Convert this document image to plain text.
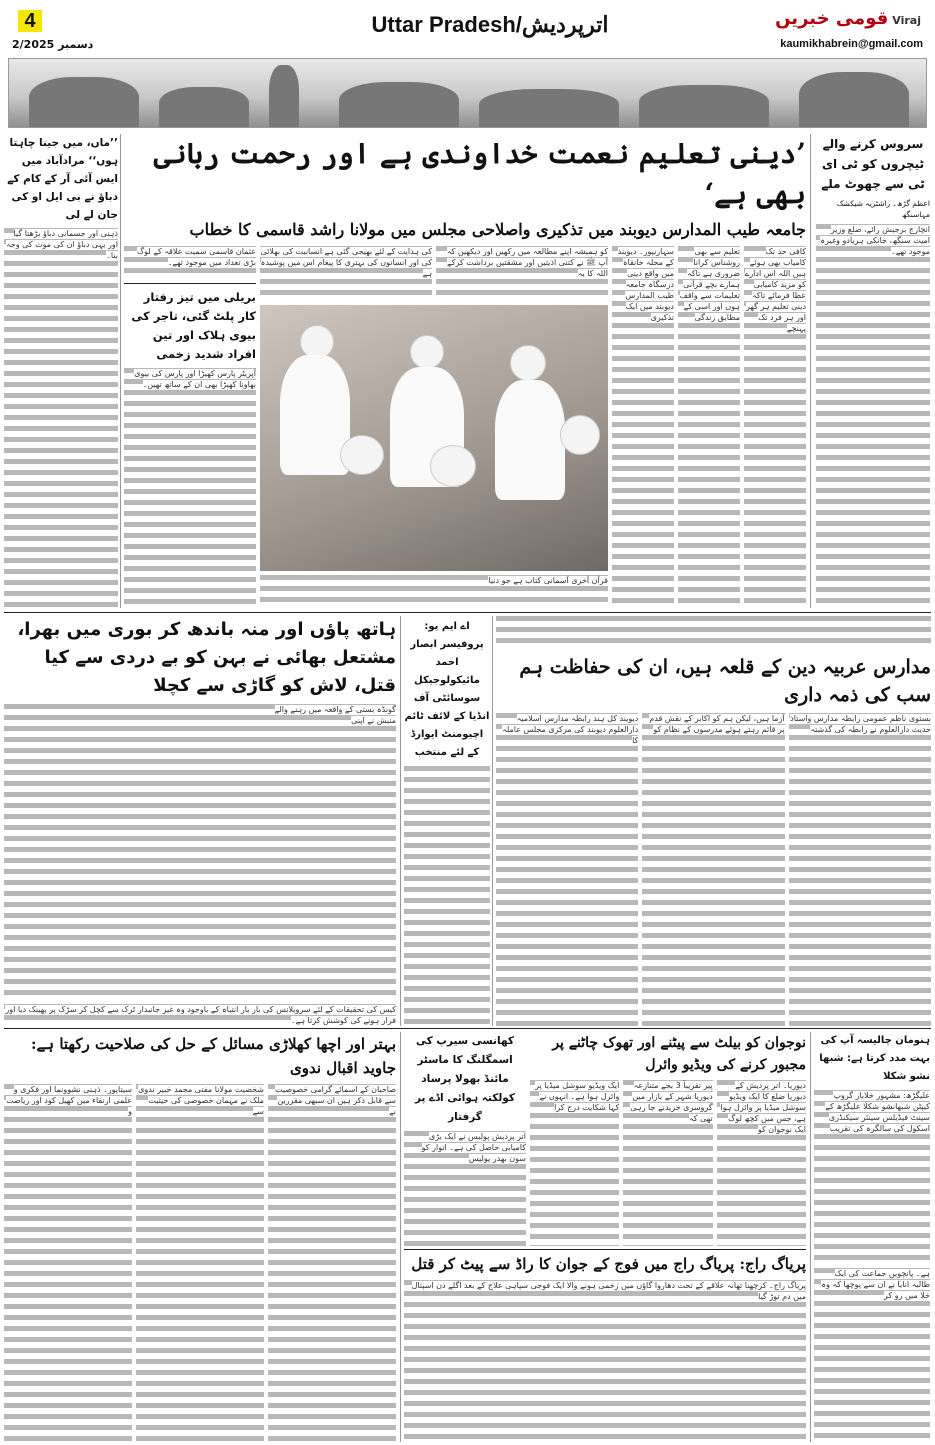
4
2/دسمبر 2025
Uttar Pradesh/اترپردیش	قومی خبریں Viraj
kaumikhabrein@gmail.com
’’ماں، میں جینا چاہتا ہوں‘‘ مرادآباد میں ایس آئی آر کے کام کے دباؤ نے بی ایل او کی جان لے لی

ذہنی اور جسمانی دباؤ بڑھتا گیا اور یہی دباؤ ان کی موت کی وجہ بنا۔

’دینی تعلیم نعمت خداوندی ہے اور رحمت ربانی بھی ہے‘
جامعہ طیب المدارس دیوبند میں تذکیری واصلاحی مجلس میں مولانا راشد قاسمی کا خطاب

عثمان قاسمی سمیت علاقہ کے لوگ بڑی تعداد میں موجود تھے۔

بریلی میں تیز رفتار کار پلٹ گئی، تاجر کی بیوی ہلاک اور تین افراد شدید زخمی

آپریٹر پارس کھیڑا اور پارس کی بیوی بھاونا کھیڑا بھی ان کے ساتھ تھیں۔

کی ہدایت کے لئے بھیجی گئی ہے انسانیت کی بھلائی کی اور انسانوں کی بہتری کا پیغام اس میں پوشیدہ ہے

کو ہمیشہ اپنے مطالعہ میں رکھیں اور دیکھیں کہ آپ ﷺ نے کتنی اذیتیں اور مشقتیں برداشت کرکے اللہ کا یہ

قرآن آخری آسمانی کتاب ہے جو دنیا

سہارنپور۔ دیوبند کے محلہ خانقاہ میں واقع دینی درسگاہ جامعہ طیب المدارس دیوبند میں ایک تذکیری

تعلیم سے بھی روشناس کرانا ضروری ہے تاکہ ہمارے بچے قرآنی تعلیمات سے واقف ہوں اور اسی کے مطابق زندگی

کافی حد تک کامیاب بھی ہوئے ہیں اللہ اس ادارے کو مزید کامیابی عطا فرمائے تاکہ دینی تعلیم ہر گھر اور ہر فرد تک پہنچے

سروس کرنے والے ٹیچروں کو ٹی ای ٹی سے چھوٹ ملے
اعظم گڑھ۔ راشٹریہ شیکشک مہاسنگھ

انچارج برجیش رائے، ضلع وزیر امیت سنگھ، جانکی ہریادو وغیرہ موجود تھے۔

ہاتھ پاؤں اور منہ باندھ کر بوری میں بھرا، مشتعل بھائی نے بہن کو بے دردی سے کیا قتل، لاش کو گاڑی سے کچلا

گونڈہ بستی کے واقعہ میں رہنے والے منیش نے اپنی

کیس کی تحقیقات کے لئے سرویلانس کی بار بار انتباہ کے باوجود وہ غیر جانبدار ٹرک سے کچل کر سڑک پر پھینک دیا اور فرار ہونے کی کوشش کرتا ہے۔

اے ایم یو: پروفیسر ابصار احمد مائیکولوجیکل سوسائٹی آف انڈیا کے لائف ٹائم اچیومنٹ ایوارڈ کے لئے منتخب
مدارس عربیہ دین کے قلعہ ہیں، ان کی حفاظت ہم سب کی ذمہ داری

دیوبند کل ہند رابطہ مدارس اسلامیہ دارالعلوم دیوبند کی مرکزی مجلس عاملہ کا

آزما ہیں، لیکن ہم کو اکابر کے نقش قدم پر قائم رہتے ہوئے مدرسوں کے نظام کو

بستوی ناظم عمومی رابطہ مدارس واستاذ حدیث دارالعلوم نے رابطہ کی گذشتہ

بہتر اور اچھا کھلاڑی مسائل کے حل کی صلاحیت رکھتا ہے: جاوید اقبال ندوی

سیتاپور۔ ذہنی نشوونما اور فکری و علمی ارتقاء میں کھیل کود اور ریاضت و

شخصیت مولانا مفتی محمد خبیر ندوی ملک نے مہمان خصوصی کی حیثیت سے

صاحبان کے اسمائے گرامی خصوصیت سے قابل ذکر ہیں ان سبھی مقررین نے

کھانسی سیرپ کی اسمگلنگ کا ماسٹر مائنڈ بھولا پرساد کولکتہ ہوائی اڈے پر گرفتار

اتر پردیش پولیس نے ایک بڑی کامیابی حاصل کی ہے۔ اتوار کو سون بھدر پولیس

نوجوان کو بیلٹ سے پیٹنے اور تھوک چاٹنے پر مجبور کرنے کی ویڈیو وائرل

ایک ویڈیو سوشل میڈیا پر وائرل ہوا ہے۔ انہوں نے کہا شکایت درج کرا

پیر تقریباً 3 بجے متنازعہ دیوریا شہر کے بازار میں گروسری خریدنے جا رہی تھی کہ

دیوریا۔ اتر پردیش کے دیوریا ضلع کا ایک ویڈیو سوشل میڈیا پر وائرل ہوا ہے، جس میں کچھ لوگ ایک نوجوان کو

پریاگ راج: پریاگ راج میں فوج کے جوان کا راڈ سے پیٹ کر قتل

پریاگ راج۔ کرچھنا تھانہ علاقے کے تحت دھاروا گاؤں میں زخمی ہونے والا ایک فوجی سپاہی علاج کے بعد اگلے دن اسپتال میں دم توڑ گیا

ہنومان چالیسہ آپ کی بہت مدد کرتا ہے: شبھا نشو شکلا

علیگڑھ: مشہور خلاباز گروپ کیپٹن شبھانشو شکلا علیگڑھ کے سینٹ فیڈیلس سینئر سیکنڈری اسکول کی سالگرہ کی تقریب

ہے۔ پانچویں جماعت کی ایک طالبہ انایا نے ان سے پوچھا کہ وہ خلا میں رو کر
